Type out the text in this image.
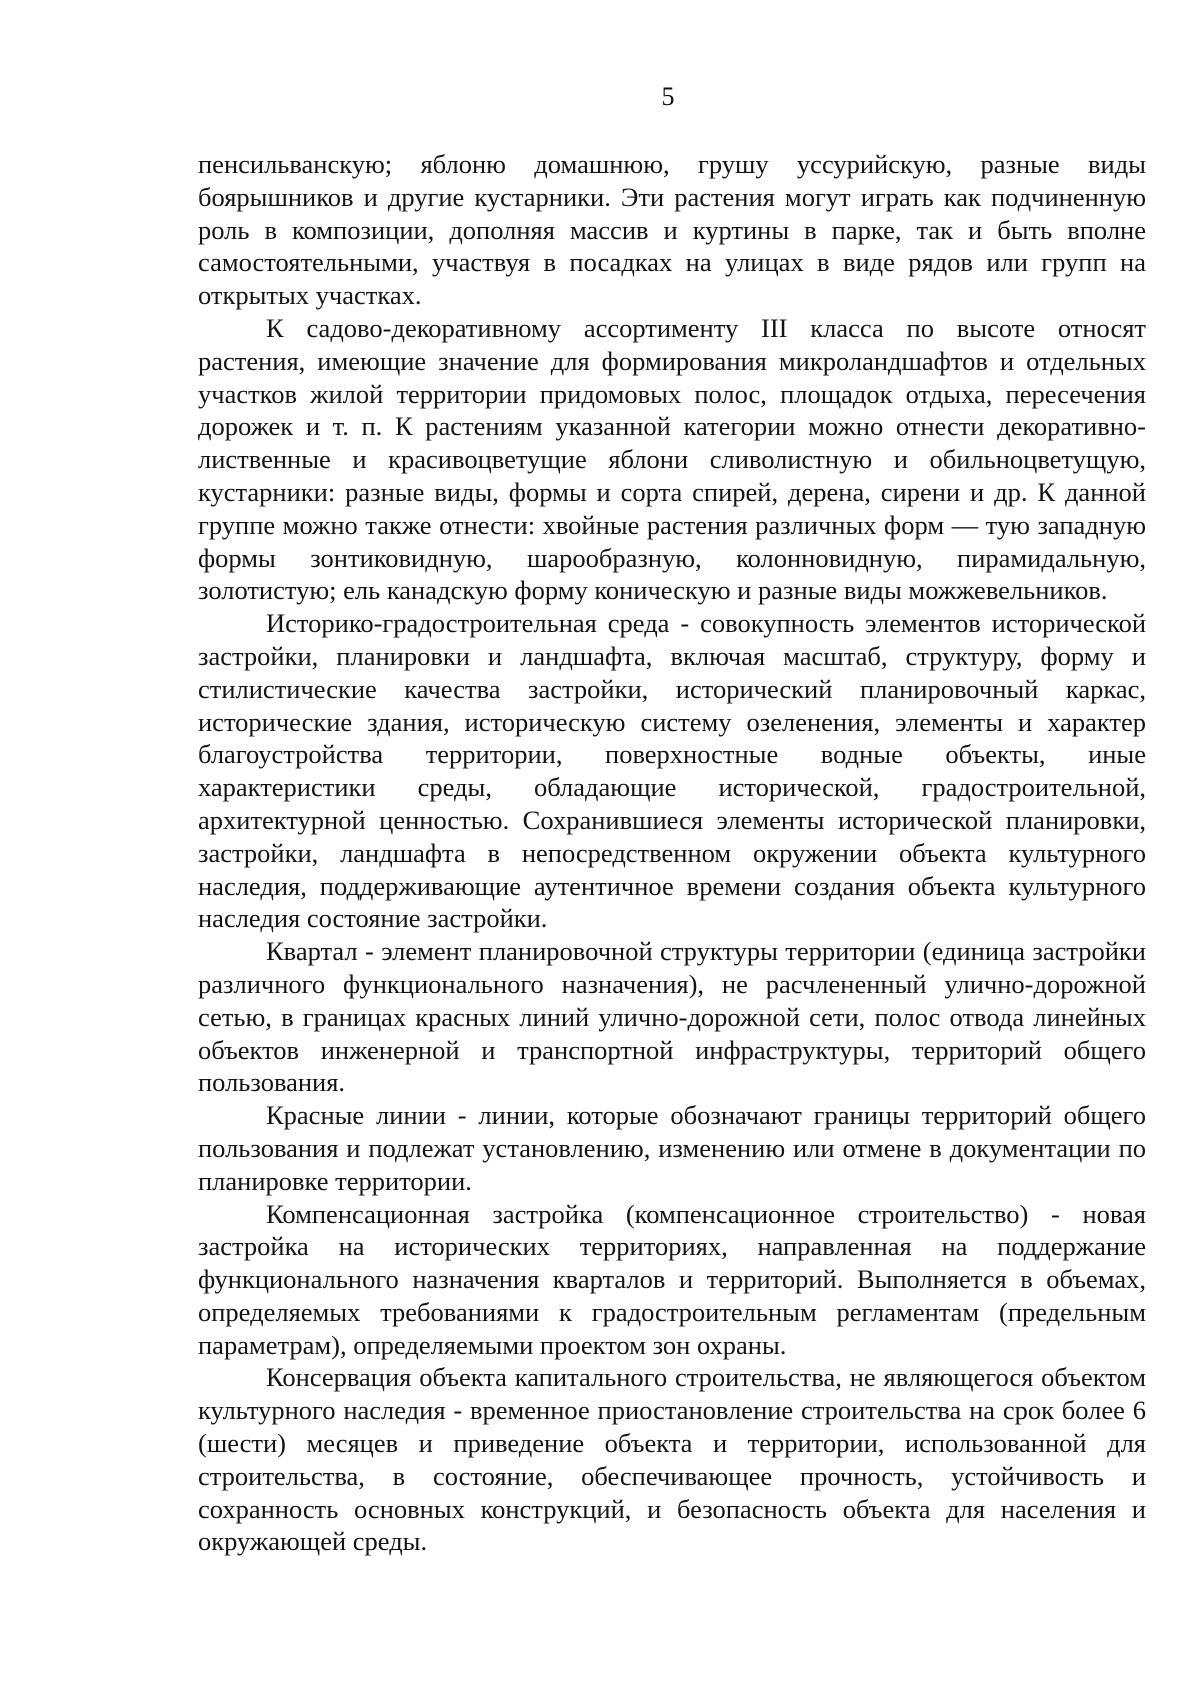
5

пенсильванскую; яблоню домашнюю, грушу уссурийскую, разные виды боярышников и другие кустарники. Эти растения могут играть как подчиненную роль в композиции, дополняя массив и куртины в парке, так и быть вполне самостоятельными, участвуя в посадках на улицах в виде рядов или групп на открытых участках.

К садово-декоративному ассортименту III класса по высоте относят растения, имеющие значение для формирования микроландшафтов и отдельных участков жилой территории придомовых полос, площадок отдыха, пересечения дорожек и т. п. К растениям указанной категории можно отнести декоративно-лиственные и красивоцветущие яблони сливолистную и обильноцветущую, кустарники: разные виды, формы и сорта спирей, дерена, сирени и др. К данной группе можно также отнести: хвойные растения различных форм — тую западную формы зонтиковидную, шарообразную, колонновидную, пирамидальную, золотистую; ель канадскую форму коническую и разные виды можжевельников.

Историко-градостроительная среда - совокупность элементов исторической застройки, планировки и ландшафта, включая масштаб, структуру, форму и стилистические качества застройки, исторический планировочный каркас, исторические здания, историческую систему озеленения, элементы и характер благоустройства территории, поверхностные водные объекты, иные характеристики среды, обладающие исторической, градостроительной, архитектурной ценностью. Сохранившиеся элементы исторической планировки, застройки, ландшафта в непосредственном окружении объекта культурного наследия, поддерживающие аутентичное времени создания объекта культурного наследия состояние застройки.

Квартал - элемент планировочной структуры территории (единица застройки различного функционального назначения), не расчлененный улично-дорожной сетью, в границах красных линий улично-дорожной сети, полос отвода линейных объектов инженерной и транспортной инфраструктуры, территорий общего пользования.

Красные линии - линии, которые обозначают границы территорий общего пользования и подлежат установлению, изменению или отмене в документации по планировке территории.

Компенсационная застройка (компенсационное строительство) - новая застройка на исторических территориях, направленная на поддержание функционального назначения кварталов и территорий. Выполняется в объемах, определяемых требованиями к градостроительным регламентам (предельным параметрам), определяемыми проектом зон охраны.

Консервация объекта капитального строительства, не являющегося объектом культурного наследия - временное приостановление строительства на срок более 6 (шести) месяцев и приведение объекта и территории, использованной для строительства, в состояние, обеспечивающее прочность, устойчивость и сохранность основных конструкций, и безопасность объекта для населения и окружающей среды.
